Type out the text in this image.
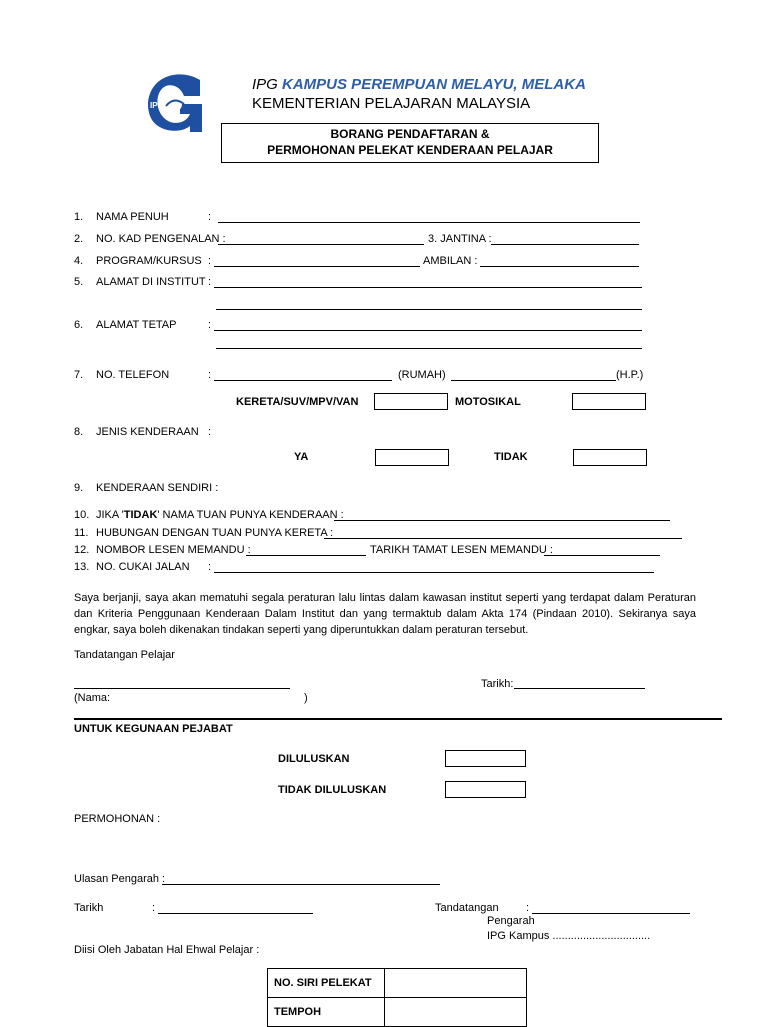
IPG
IPG KAMPUS PEREMPUAN MELAYU, MELAKA
KEMENTERIAN PELAJARAN MALAYSIA
BORANG PENDAFTARAN &
PERMOHONAN PELEKAT KENDERAAN PELAJAR
1. NAMA PENUH	:
2. NO. KAD PENGENALAN :	3. JANTINA :
4. PROGRAM/KURSUS :	AMBILAN :
5. ALAMAT DI INSTITUT :
6. ALAMAT TETAP	:
7. NO. TELEFON	:	(RUMAH)	(H.P.)
KERETA/SUV/MPV/VAN	MOTOSIKAL
8. JENIS KENDERAAN :
YA	TIDAK
9. KENDERAAN SENDIRI :
10. JIKA 'TIDAK' NAMA TUAN PUNYA KENDERAAN :
11. HUBUNGAN DENGAN TUAN PUNYA KERETA :
12. NOMBOR LESEN MEMANDU :	TARIKH TAMAT LESEN MEMANDU :
13. NO. CUKAI JALAN :
Saya berjanji, saya akan mematuhi segala peraturan lalu lintas dalam kawasan institut seperti yang terdapat dalam Peraturan dan Kriteria Penggunaan Kenderaan Dalam Institut dan yang termaktub dalam Akta 174 (Pindaan 2010). Sekiranya saya engkar, saya boleh dikenakan tindakan seperti yang diperuntukkan dalam peraturan tersebut.
Tandatangan Pelajar
(Nama:	)
Tarikh:
UNTUK KEGUNAAN PEJABAT
DILULUSKAN
TIDAK DILULUSKAN
PERMOHONAN :
Ulasan Pengarah :
Tarikh	:	Tandatangan :
Pengarah
IPG Kampus ................................
Diisi Oleh Jabatan Hal Ehwal Pelajar :
NO. SIRI PELEKAT	
TEMPOH	
